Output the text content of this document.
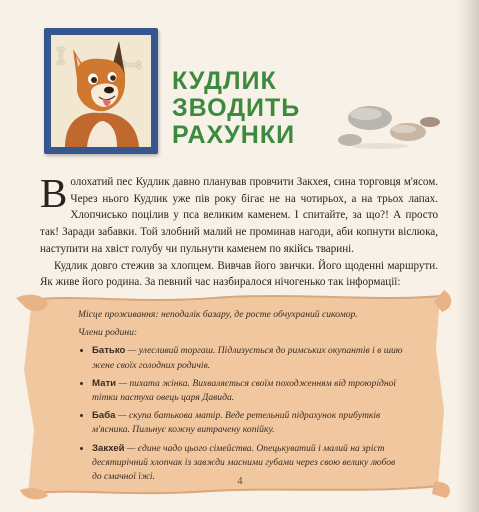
КУДЛИК ЗВОДИТЬ
РАХУНКИ

Волохатий пес Кудлик давно планував провчити Закхея, сина торговця м'ясом. Через нього Кудлик уже пів року бігає не на чотирьох, а на трьох лапах. Хлопчисько поцілив у пса великим каменем. І спитайте, за що?! А просто так! Заради забавки. Той злобний малий не проминав нагоди, аби копнути віслюка, наступити на хвіст голубу чи пульнути каменем по якійсь тварині.

Кудлик довго стежив за хлопцем. Вивчав його звички. Його щоденні маршрути. Як живе його родина. За певний час назбиралося нічогенько так інформації:

Місце проживання: неподалік базару, де росте обчухраний сикомор.

Члени родини:

• Батько — улесливий торгаш. Підлизується до римських окупантів і в шию жене своїх голодних родичів.
• Мати — пихата жінка. Вихваляється своїм походженням від троюрідної тітки пастуха овець царя Давида.
• Баба — скупа батькова матір. Веде ретельний підрахунок прибутків м'ясника. Пильнує кожну витрачену копійку.
• Закхей — єдине чадо цього сімейства. Опецькуватий і малий на зріст десятирічний хлопчак із завжди масними губами через свою велику любов до смачної їжі.	4
